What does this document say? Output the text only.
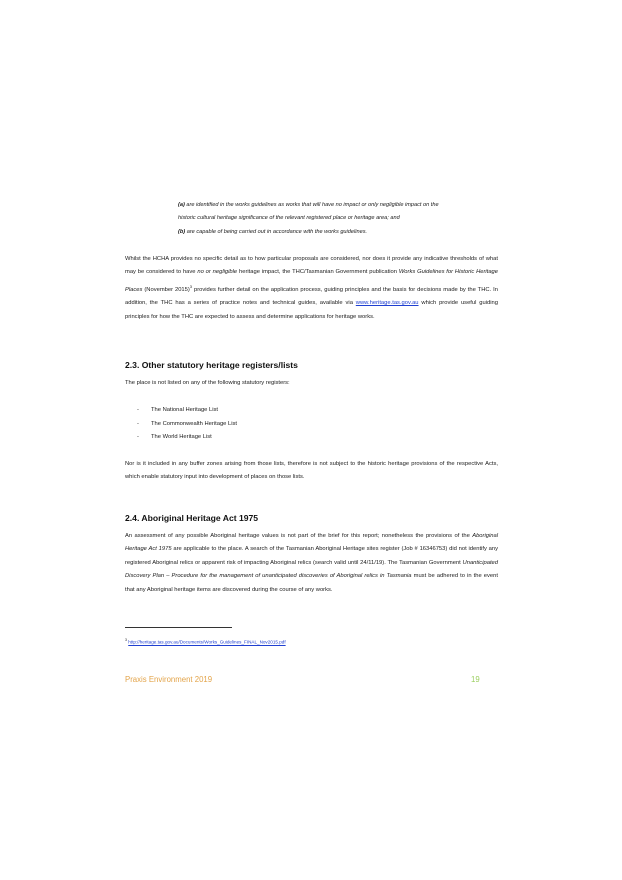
(a) are identified in the works guidelines as works that will have no impact or only negligible impact on the

historic cultural heritage significance of the relevant registered place or heritage area; and

(b) are capable of being carried out in accordance with the works guidelines.

Whilst the HCHA provides no specific detail as to how particular proposals are considered, nor does it provide any indicative thresholds of what may be considered to have no or negligible heritage impact, the THC/Tasmanian Government publication Works Guidelines for Historic Heritage Places (November 2015)$^3$ provides further detail on the application process, guiding principles and the basis for decisions made by the THC. In addition, the THC has a series of practice notes and technical guides, available via www.heritage.tas.gov.au which provide useful guiding principles for how the THC are expected to assess and determine applications for heritage works.

2.3. Other statutory heritage registers/lists

The place is not listed on any of the following statutory registers:

- The National Heritage List
- The Commonwealth Heritage List
- The World Heritage List

Nor is it included in any buffer zones arising from those lists, therefore is not subject to the historic heritage provisions of the respective Acts, which enable statutory input into development of places on those lists.

2.4. Aboriginal Heritage Act 1975

An assessment of any possible Aboriginal heritage values is not part of the brief for this report; nonetheless the provisions of the Aboriginal Heritage Act 1975 are applicable to the place. A search of the Tasmanian Aboriginal Heritage sites register (Job # 16346753) did not identify any registered Aboriginal relics or apparent risk of impacting Aboriginal relics (search valid until 24/11/19). The Tasmanian Government Unanticipated Discovery Plan – Procedure for the management of unanticipated discoveries of Aboriginal relics in Tasmania must be adhered to in the event that any Aboriginal heritage items are discovered during the course of any works.

$^3$ http://heritage.tas.gov.au/Documents/Works_Guidelines_FINAL_Nov2015.pdf

Praxis Environment 2019	19
